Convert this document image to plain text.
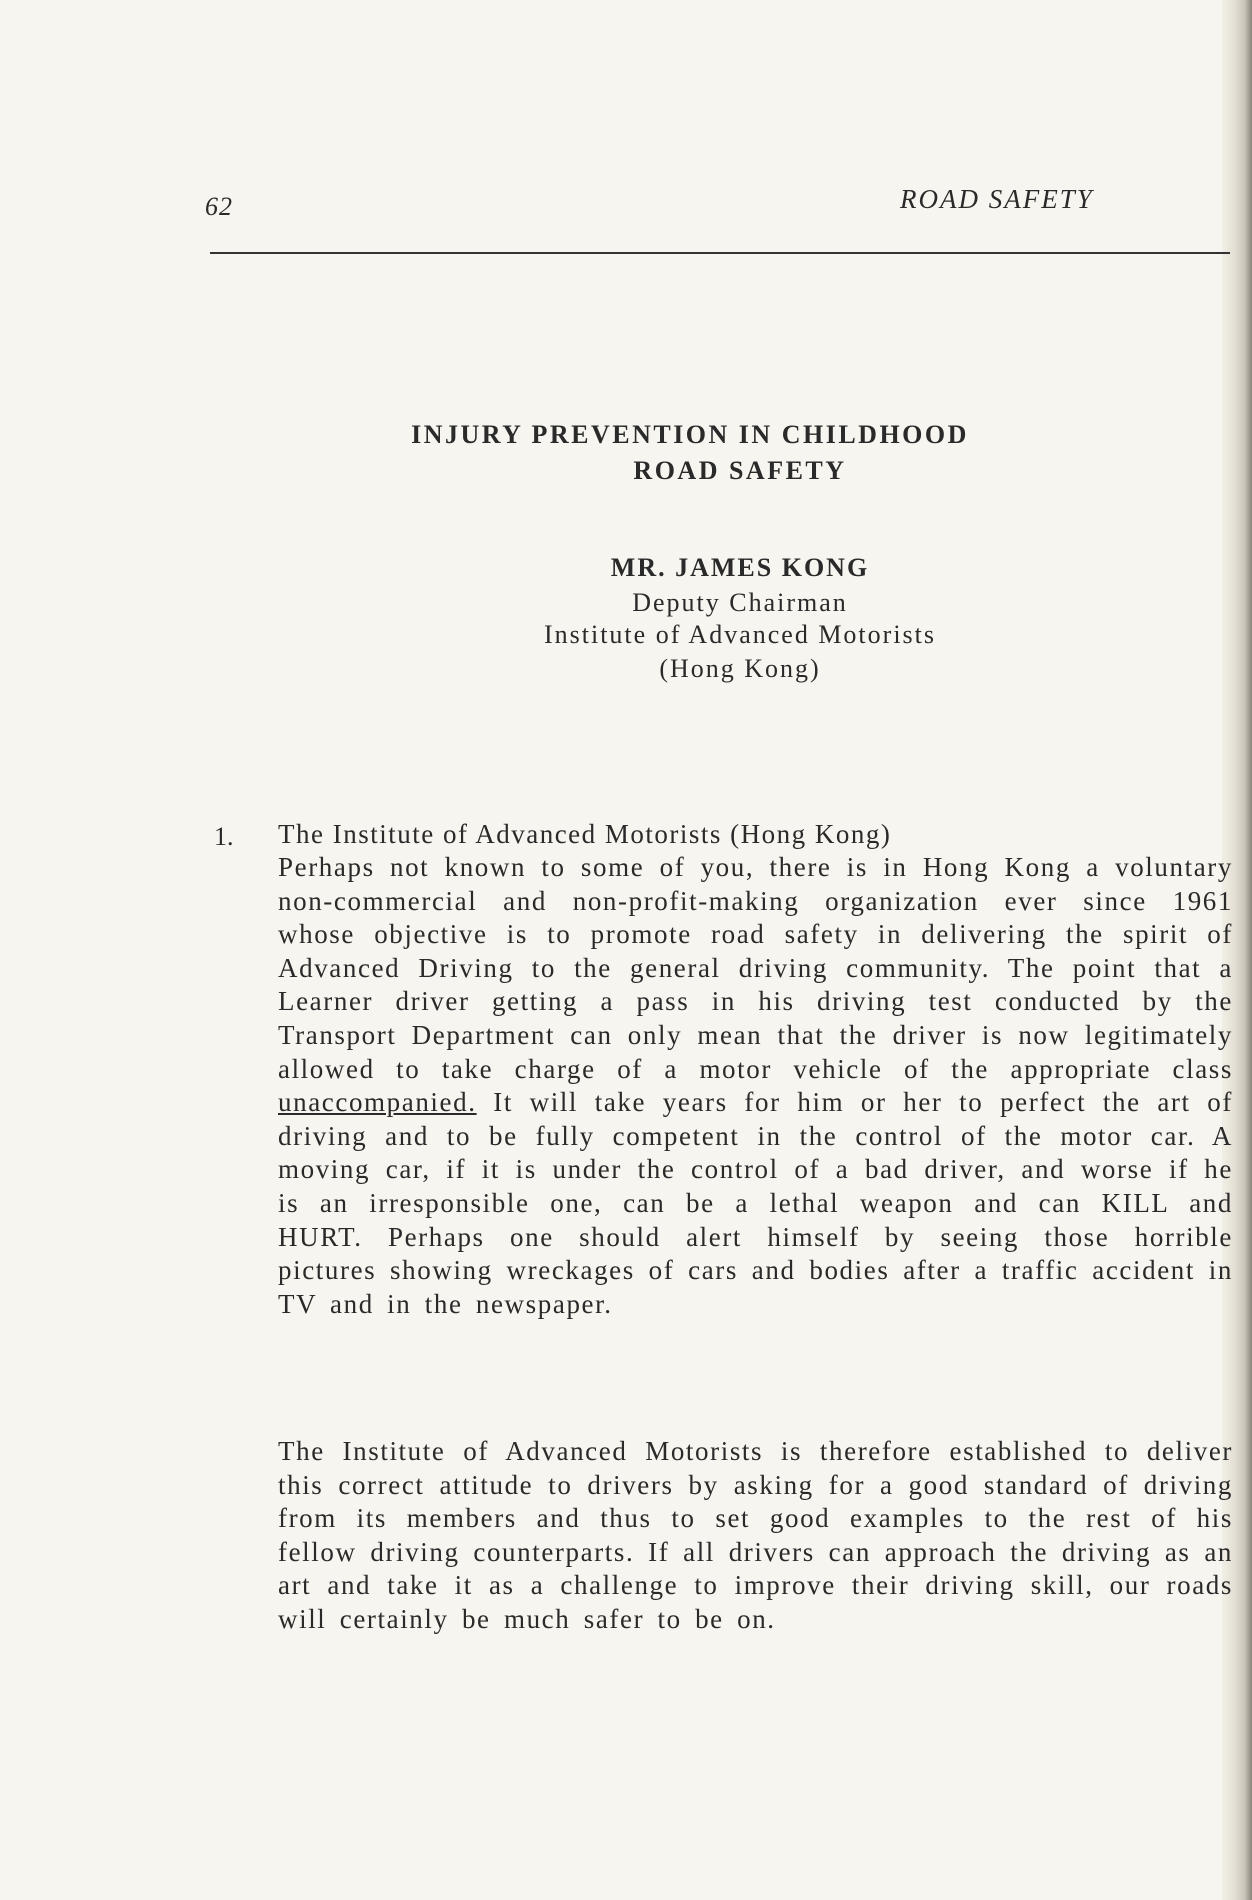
62	ROAD SAFETY
INJURY PREVENTION IN CHILDHOOD
ROAD SAFETY
MR. JAMES KONG
Deputy Chairman
Institute of Advanced Motorists
(Hong Kong)
1. The Institute of Advanced Motorists (Hong Kong)
Perhaps not known to some of you, there is in Hong Kong a voluntary non-commercial and non-profit-making organization ever since 1961 whose objective is to promote road safety in delivering the spirit of Advanced Driving to the general driving community. The point that a Learner driver getting a pass in his driving test conducted by the Transport Department can only mean that the driver is now legitimately allowed to take charge of a motor vehicle of the appropriate class unaccompanied. It will take years for him or her to perfect the art of driving and to be fully competent in the control of the motor car. A moving car, if it is under the control of a bad driver, and worse if he is an irresponsible one, can be a lethal weapon and can KILL and HURT. Perhaps one should alert himself by seeing those horrible pictures showing wreckages of cars and bodies after a traffic accident in TV and in the newspaper.
The Institute of Advanced Motorists is therefore established to deliver this correct attitude to drivers by asking for a good standard of driving from its members and thus to set good examples to the rest of his fellow driving counterparts. If all drivers can approach the driving as an art and take it as a challenge to improve their driving skill, our roads will certainly be much safer to be on.
